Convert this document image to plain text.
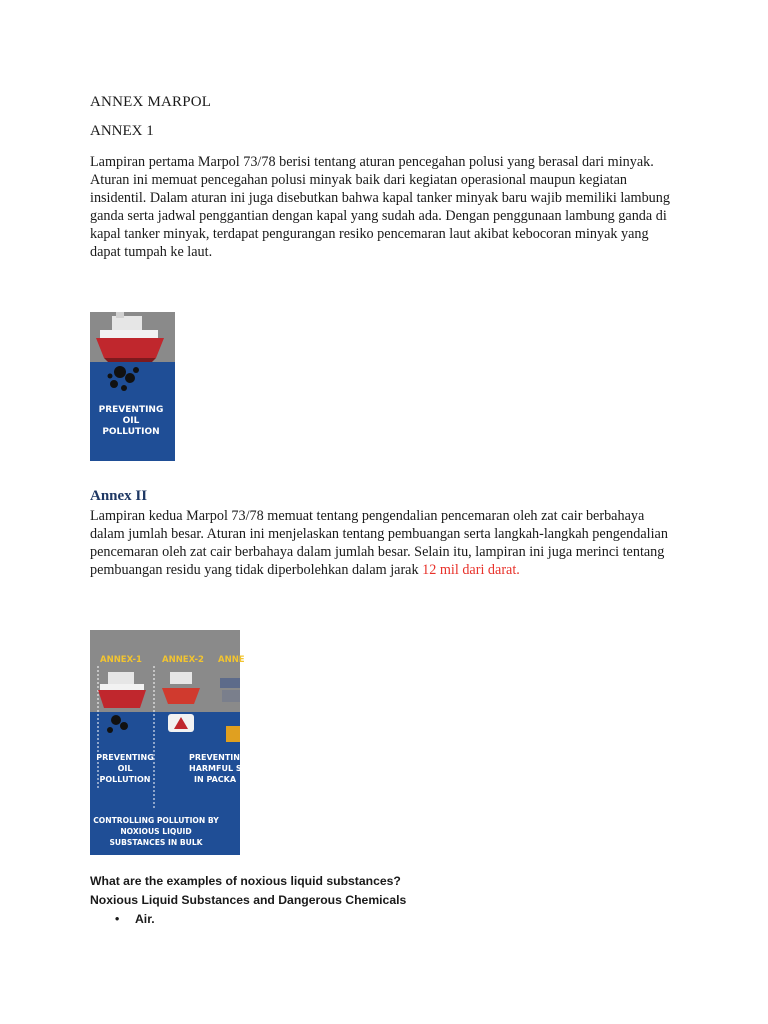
ANNEX MARPOL

ANNEX 1

Lampiran pertama Marpol 73/78 berisi tentang aturan pencegahan polusi yang berasal dari minyak. Aturan ini memuat pencegahan polusi minyak baik dari kegiatan operasional maupun kegiatan insidentil. Dalam aturan ini juga disebutkan bahwa kapal tanker minyak baru wajib memiliki lambung ganda serta jadwal penggantian dengan kapal yang sudah ada. Dengan penggunaan lambung ganda di kapal tanker minyak, terdapat pengurangan resiko pencemaran laut akibat kebocoran minyak yang dapat tumpah ke laut.

PREVENTING
OIL
POLLUTION

Annex II

Lampiran kedua Marpol 73/78 memuat tentang pengendalian pencemaran oleh zat cair berbahaya dalam jumlah besar. Aturan ini menjelaskan tentang pembuangan serta langkah-langkah pengendalian pencemaran oleh zat cair berbahaya dalam jumlah besar. Selain itu, lampiran ini juga merinci tentang pembuangan residu yang tidak diperbolehkan dalam jarak 12 mil dari darat.

ANNEX-1 ANNEX-2 ANNE
PREVENTING
OIL
POLLUTION
PREVENTING
HARMFUL S
IN PACKA
CONTROLLING POLLUTION BY
NOXIOUS LIQUID
SUBSTANCES IN BULK

What are the examples of noxious liquid substances?

Noxious Liquid Substances and Dangerous Chemicals

• Air.
